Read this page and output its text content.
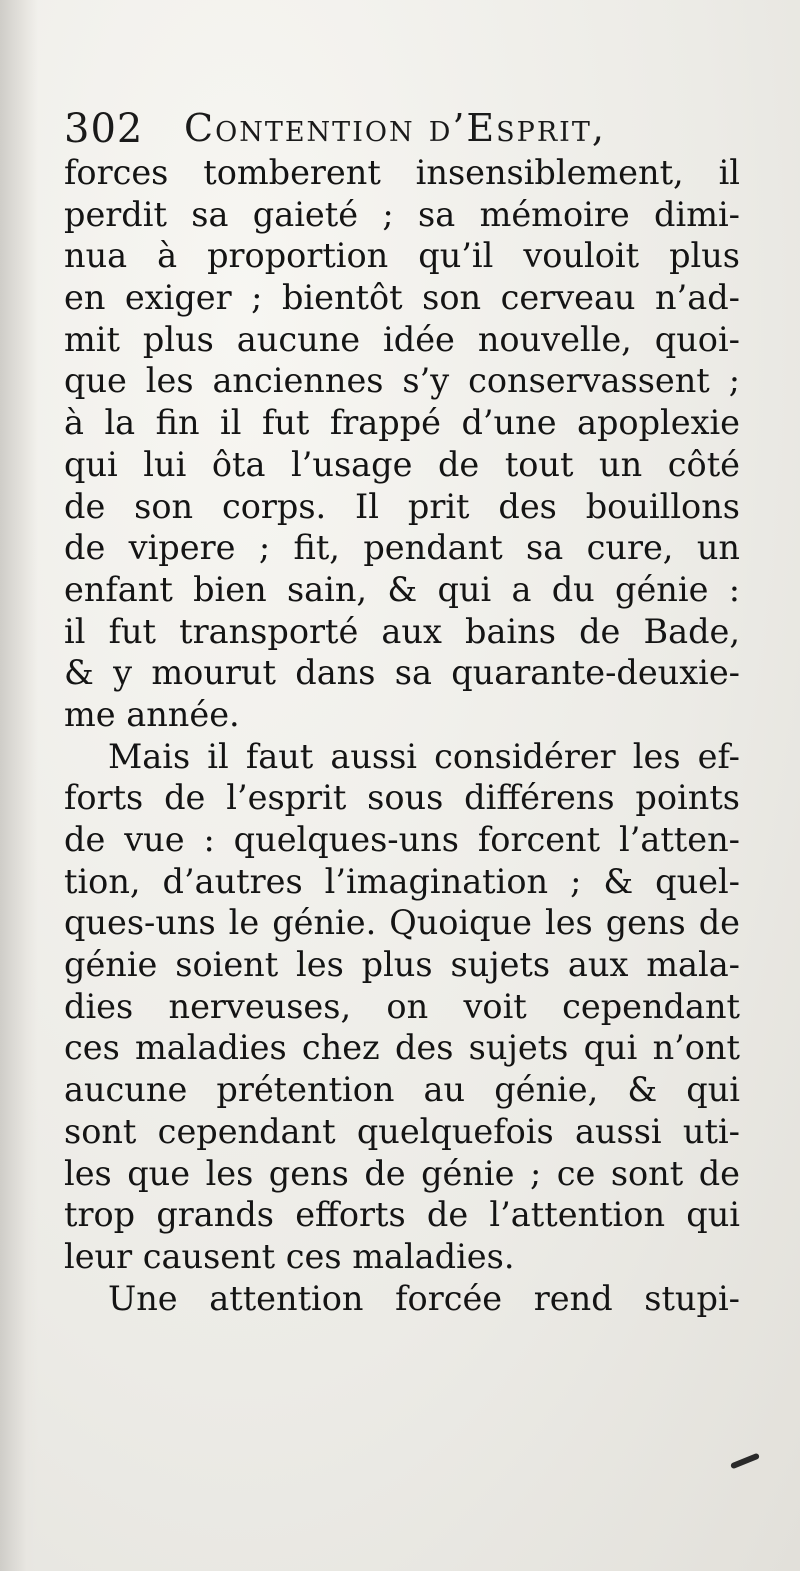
302 Contention d’Esprit,
forces tomberent insensiblement, il
perdit sa gaieté ; sa mémoire dimi-
nua à proportion qu’il vouloit plus
en exiger ; bientôt son cerveau n’ad-
mit plus aucune idée nouvelle, quoi-
que les anciennes s’y conservassent ;
à la fin il fut frappé d’une apoplexie
qui lui ôta l’usage de tout un côté
de son corps. Il prit des bouillons
de vipere ; fit, pendant sa cure, un
enfant bien sain, & qui a du génie :
il fut transporté aux bains de Bade,
& y mourut dans sa quarante-deuxie-
me année.
Mais il faut aussi considérer les ef-
forts de l’esprit sous différens points
de vue : quelques-uns forcent l’atten-
tion, d’autres l’imagination ; & quel-
ques-uns le génie. Quoique les gens de
génie soient les plus sujets aux mala-
dies nerveuses, on voit cependant
ces maladies chez des sujets qui n’ont
aucune prétention au génie, & qui
sont cependant quelquefois aussi uti-
les que les gens de génie ; ce sont de
trop grands efforts de l’attention qui
leur causent ces maladies.
Une attention forcée rend stupi-
